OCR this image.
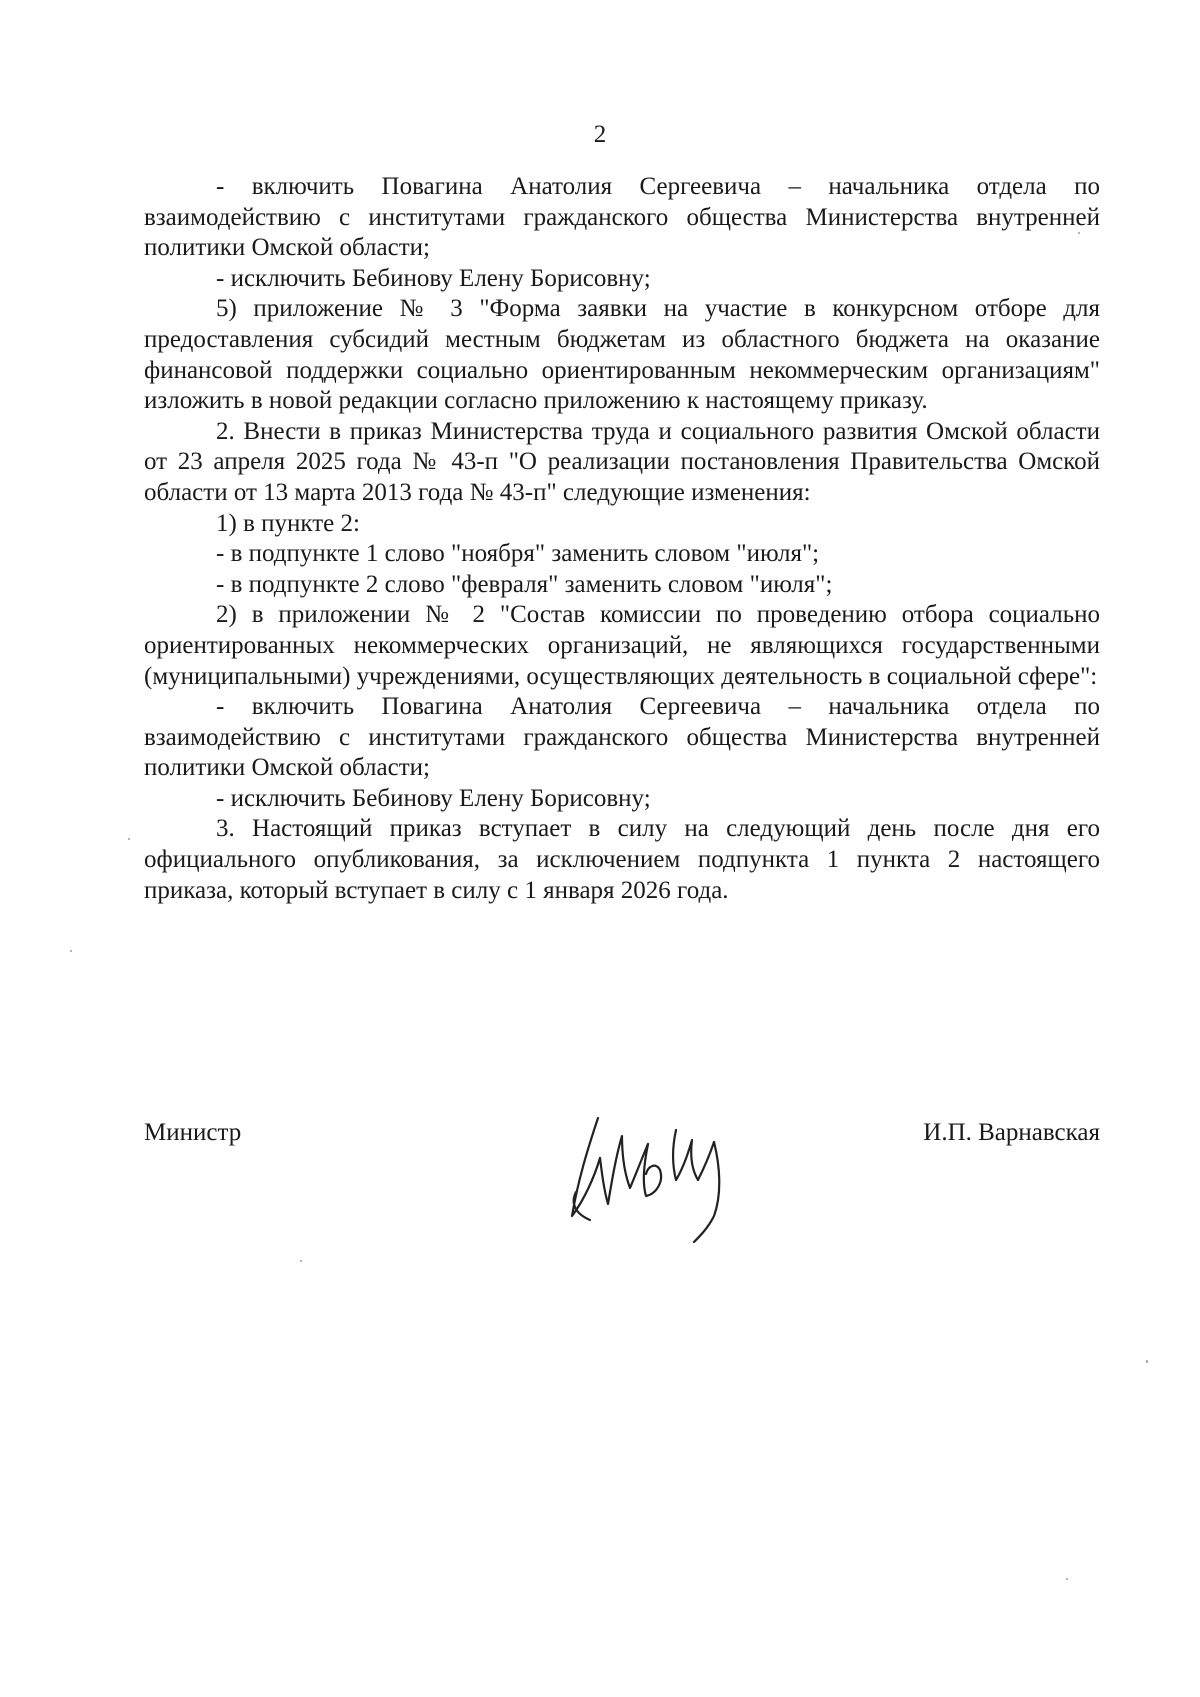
2

- включить Повагина Анатолия Сергеевича – начальника отдела по взаимодействию с институтами гражданского общества Министерства внутренней политики Омской области;

- исключить Бебинову Елену Борисовну;

5) приложение № 3 "Форма заявки на участие в конкурсном отборе для предоставления субсидий местным бюджетам из областного бюджета на оказание финансовой поддержки социально ориентированным некоммерческим организациям" изложить в новой редакции согласно приложению к настоящему приказу.

2. Внести в приказ Министерства труда и социального развития Омской области от 23 апреля 2025 года № 43-п "О реализации постановления Правительства Омской области от 13 марта 2013 года № 43-п" следующие изменения:

1) в пункте 2:

- в подпункте 1 слово "ноября" заменить словом "июля";

- в подпункте 2 слово "февраля" заменить словом "июля";

2) в приложении № 2 "Состав комиссии по проведению отбора социально ориентированных некоммерческих организаций, не являющихся государственными (муниципальными) учреждениями, осуществляющих деятельность в социальной сфере":

- включить Повагина Анатолия Сергеевича – начальника отдела по взаимодействию с институтами гражданского общества Министерства внутренней политики Омской области;

- исключить Бебинову Елену Борисовну;

3. Настоящий приказ вступает в силу на следующий день после дня его официального опубликования, за исключением подпункта 1 пункта 2 настоящего приказа, который вступает в силу с 1 января 2026 года.

Министр	И.П. Варнавская
